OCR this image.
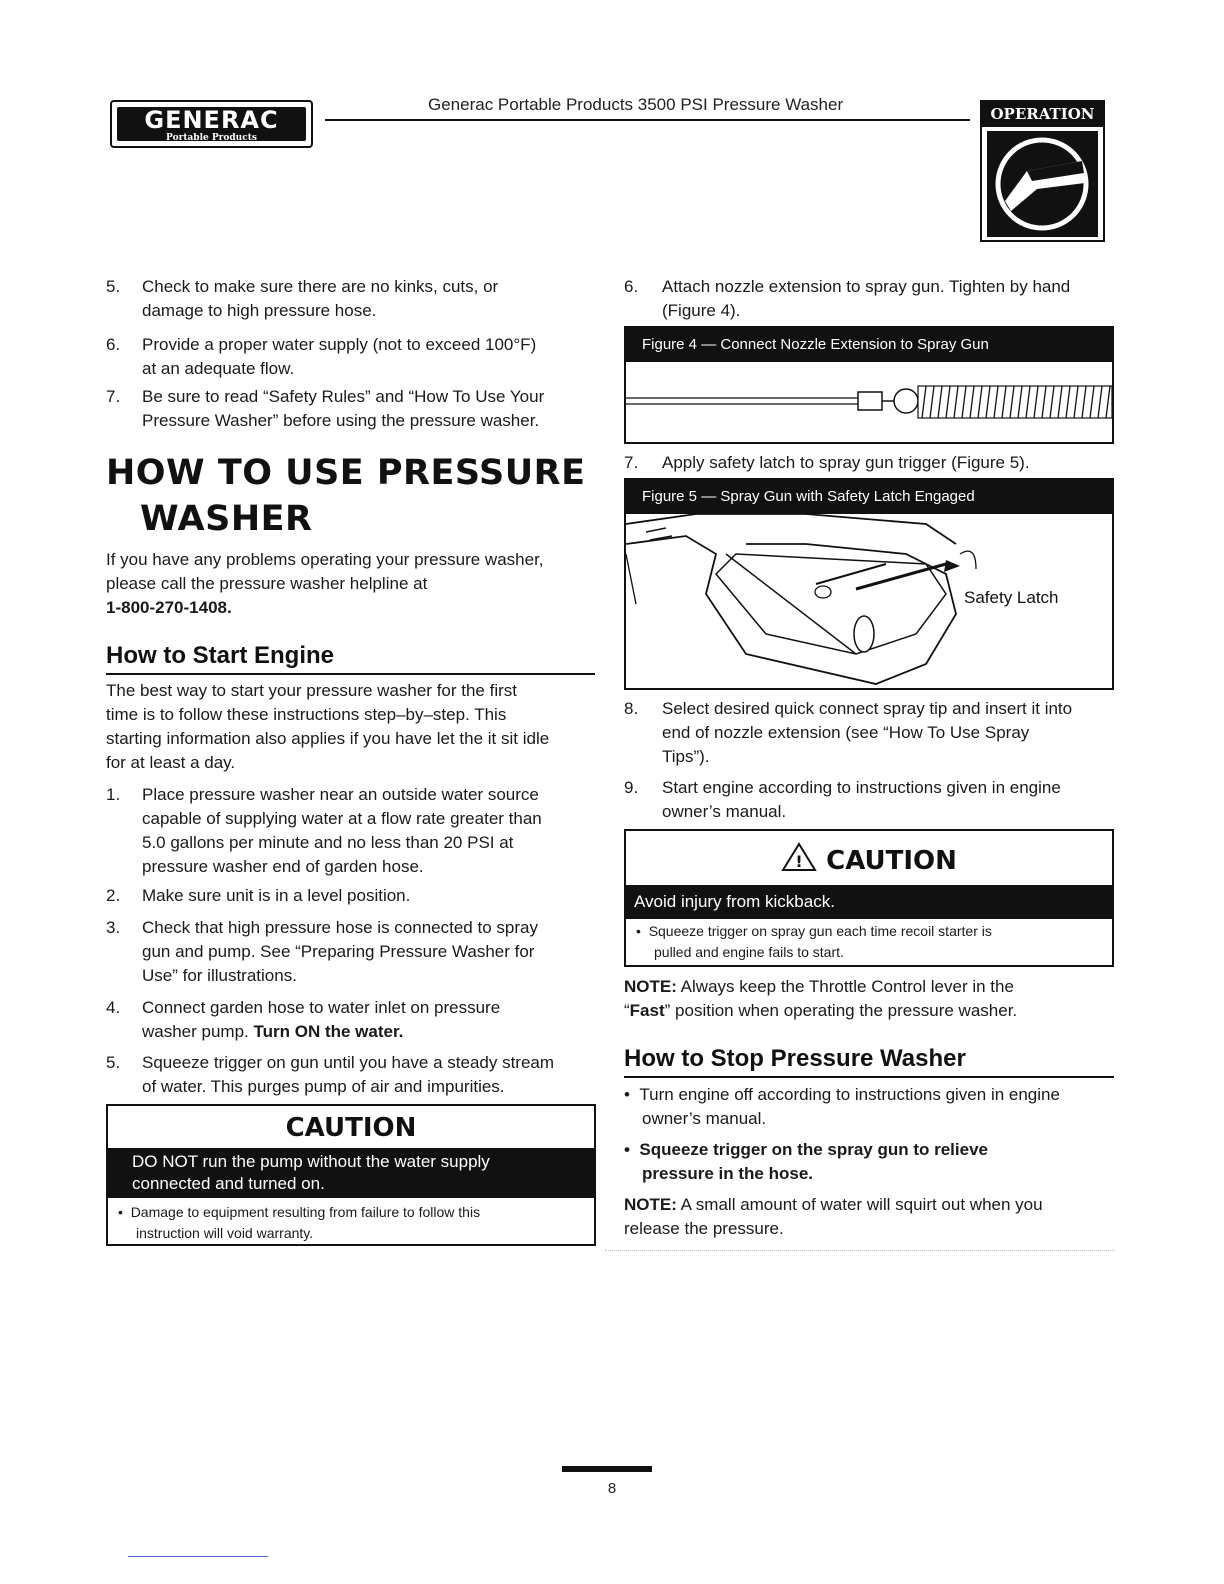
GENERAC
Portable Products
Generac Portable Products 3500 PSI Pressure Washer	OPERATION
5. Check to make sure there are no kinks, cuts, or
damage to high pressure hose.
6. Provide a proper water supply (not to exceed 100°F)
at an adequate flow.
7. Be sure to read “Safety Rules” and “How To Use Your
Pressure Washer” before using the pressure washer.
HOW TO USE PRESSURE
WASHER
If you have any problems operating your pressure washer,
please call the pressure washer helpline at
1-800-270-1408.
How to Start Engine
The best way to start your pressure washer for the first
time is to follow these instructions step–by–step. This
starting information also applies if you have let the it sit idle
for at least a day.
1. Place pressure washer near an outside water source
capable of supplying water at a flow rate greater than
5.0 gallons per minute and no less than 20 PSI at
pressure washer end of garden hose.
2. Make sure unit is in a level position.
3. Check that high pressure hose is connected to spray
gun and pump. See “Preparing Pressure Washer for
Use” for illustrations.
4. Connect garden hose to water inlet on pressure
washer pump. Turn ON the water.
5. Squeeze trigger on gun until you have a steady stream
of water. This purges pump of air and impurities.
CAUTION
DO NOT run the pump without the water supply
connected and turned on.
•  Damage to equipment resulting from failure to follow this
instruction will void warranty.
6. Attach nozzle extension to spray gun. Tighten by hand
(Figure 4).
Figure 4 — Connect Nozzle Extension to Spray Gun
7. Apply safety latch to spray gun trigger (Figure 5).
Figure 5 — Spray Gun with Safety Latch Engaged
Safety Latch
8. Select desired quick connect spray tip and insert it into
end of nozzle extension (see “How To Use Spray
Tips”).
9. Start engine according to instructions given in engine
owner’s manual.
! CAUTION
Avoid injury from kickback.
•  Squeeze trigger on spray gun each time recoil starter is
pulled and engine fails to start.
NOTE: Always keep the Throttle Control lever in the
“Fast” position when operating the pressure washer.
How to Stop Pressure Washer
•  Turn engine off according to instructions given in engine
owner’s manual.
•  Squeeze trigger on the spray gun to relieve
pressure in the hose.
NOTE: A small amount of water will squirt out when you
release the pressure.
8
